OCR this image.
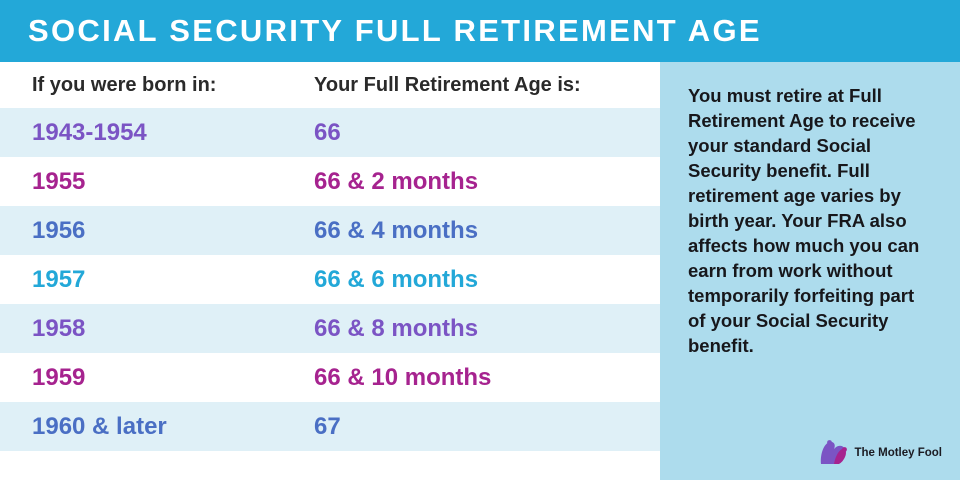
SOCIAL SECURITY FULL RETIREMENT AGE
If you were born in:	Your Full Retirement Age is:
1943-1954	66
1955	66 & 2 months
1956	66 & 4 months
1957	66 & 6 months
1958	66 & 8 months
1959	66 & 10 months
1960 & later	67

You must retire at Full Retirement Age to receive your standard Social Security benefit. Full retirement age varies by birth year. Your FRA also affects how much you can earn from work without temporarily forfeiting part of your Social Security benefit.

The Motley Fool
